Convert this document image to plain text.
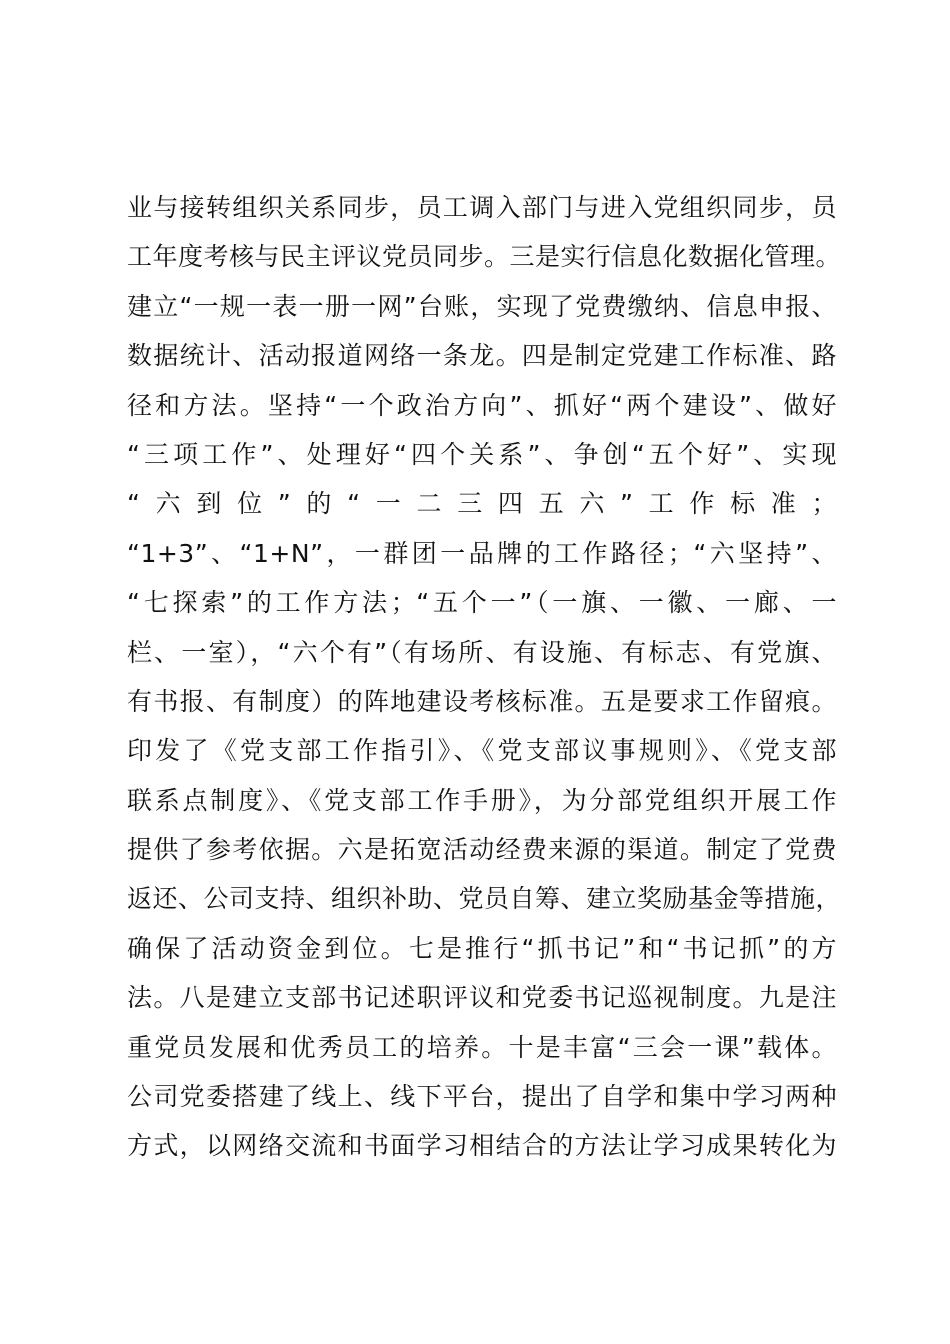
业与接转组织关系同步，员工调入部门与进入党组织同步，员
工年度考核与民主评议党员同步。三是实行信息化数据化管理。
建立“一规一表一册一网”台账，实现了党费缴纳、信息申报、
数据统计、活动报道网络一条龙。四是制定党建工作标准、路
径和方法。坚持“一个政治方向”、抓好“两个建设”、做好
“三项工作”、处理好“四个关系”、争创“五个好”、实现
“六到位”的“一二三四五六”工作标准；
“1+3”、“1+N”，一群团一品牌的工作路径；“六坚持”、
“七探索”的工作方法；“五个一”（一旗、一徽、一廊、一
栏、一室），“六个有”（有场所、有设施、有标志、有党旗、
有书报、有制度）的阵地建设考核标准。五是要求工作留痕。
印发了《党支部工作指引》、《党支部议事规则》、《党支部
联系点制度》、《党支部工作手册》，为分部党组织开展工作
提供了参考依据。六是拓宽活动经费来源的渠道。制定了党费
返还、公司支持、组织补助、党员自筹、建立奖励基金等措施，
确保了活动资金到位。七是推行“抓书记”和“书记抓”的方
法。八是建立支部书记述职评议和党委书记巡视制度。九是注
重党员发展和优秀员工的培养。十是丰富“三会一课”载体。
公司党委搭建了线上、线下平台，提出了自学和集中学习两种
方式，以网络交流和书面学习相结合的方法让学习成果转化为
